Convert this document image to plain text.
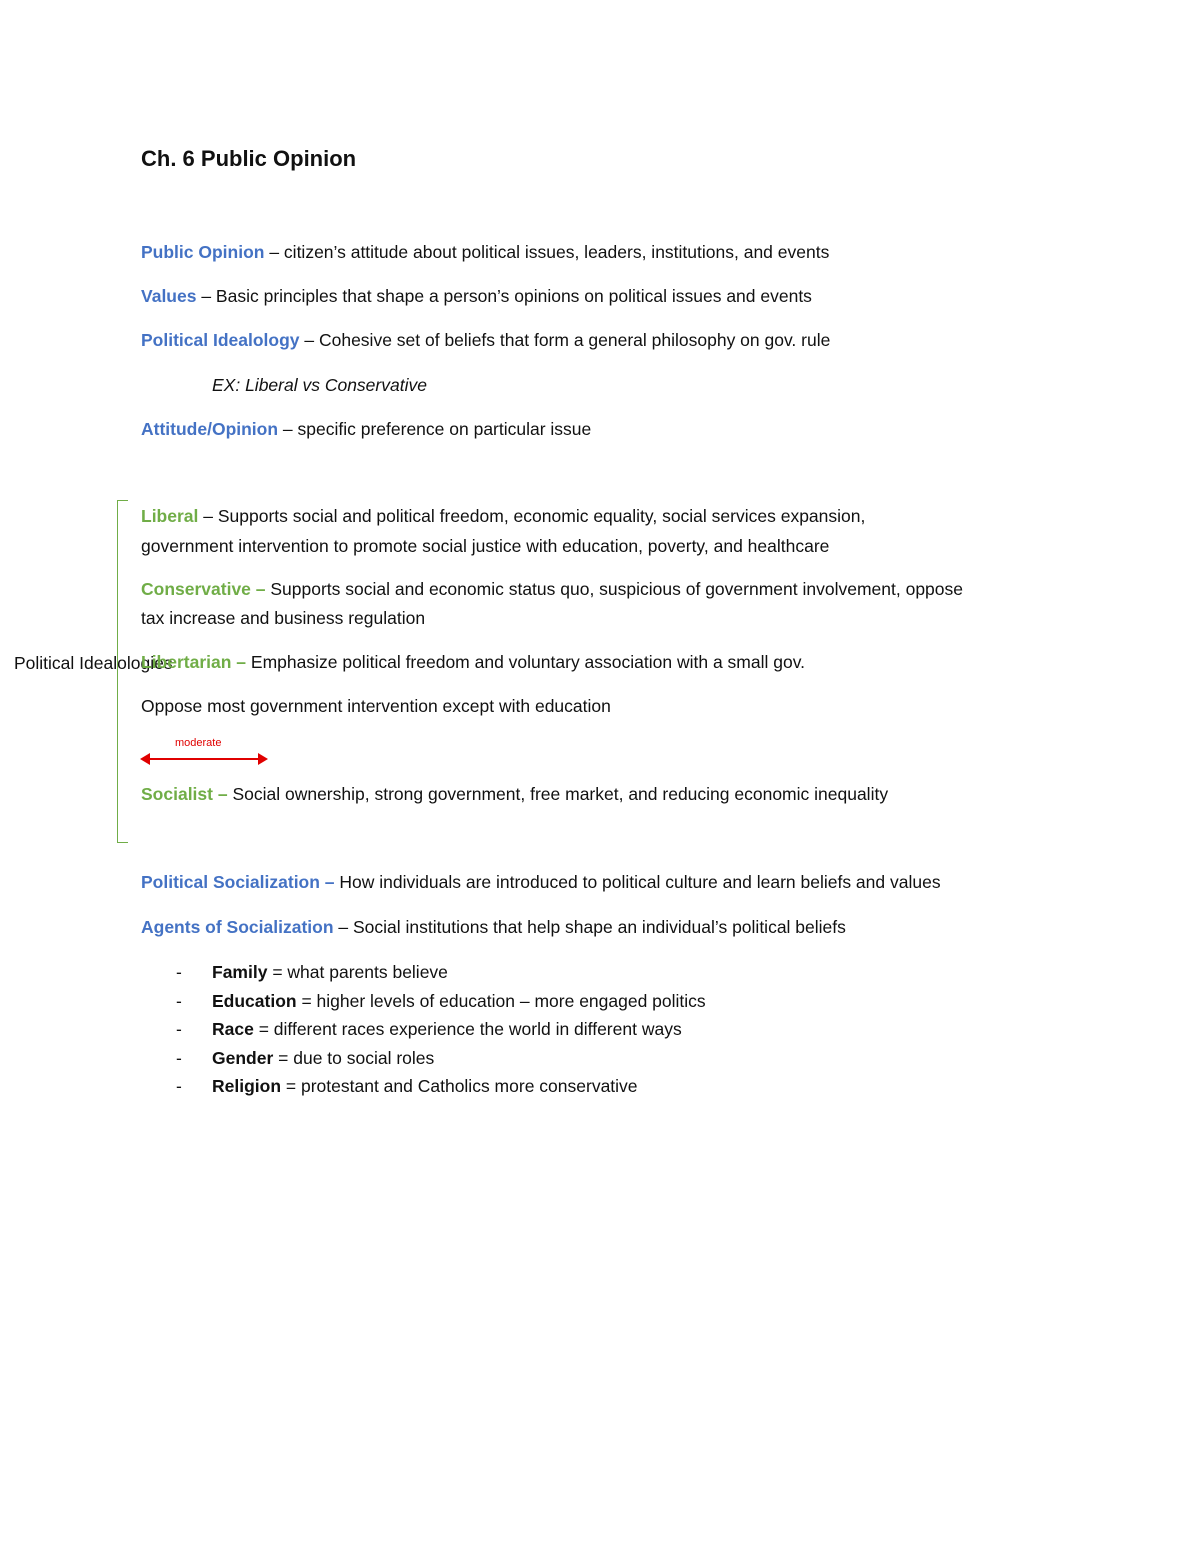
Ch. 6 Public Opinion
Public Opinion – citizen’s attitude about political issues, leaders, institutions, and events
Values – Basic principles that shape a person’s opinions on political issues and events
Political Idealology – Cohesive set of beliefs that form a general philosophy on gov. rule
EX: Liberal vs Conservative
Attitude/Opinion – specific preference on particular issue
Political Idealologies
Liberal – Supports social and political freedom, economic equality, social services expansion,
government intervention to promote social justice with education, poverty, and healthcare
Conservative – Supports social and economic status quo, suspicious of government involvement, oppose
tax increase and business regulation
Libertarian – Emphasize political freedom and voluntary association with a small gov.
Oppose most government intervention except with education
moderate
Socialist – Social ownership, strong government, free market, and reducing economic inequality
Political Socialization – How individuals are introduced to political culture and learn beliefs and values
Agents of Socialization – Social institutions that help shape an individual’s political beliefs
- Family = what parents believe
- Education = higher levels of education – more engaged politics
- Race = different races experience the world in different ways
- Gender = due to social roles
- Religion = protestant and Catholics more conservative
